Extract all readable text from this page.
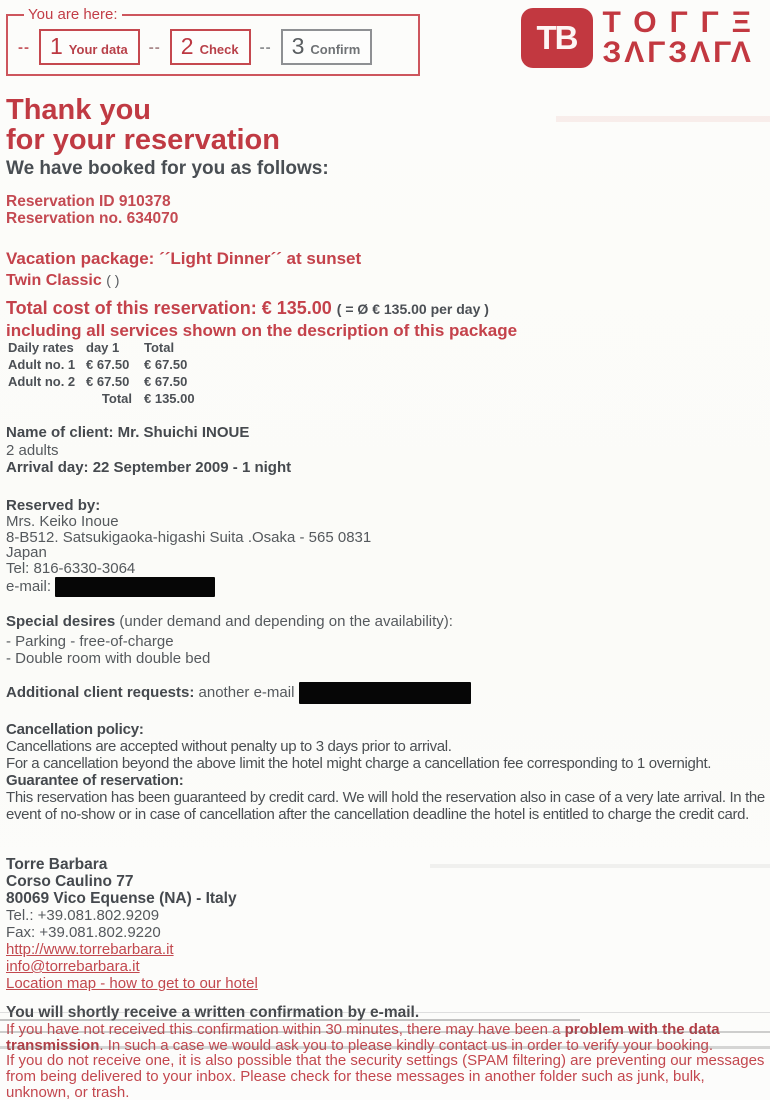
You are here:
-- 1 Your data -- 2 Check -- 3 Confirm	TB TOΓΓΞ
ЗΛΓЗΛΓΛ
Thank you
for your reservation
We have booked for you as follows:
Reservation ID 910378
Reservation no. 634070
Vacation package: ´´Light Dinner´´ at sunset
Twin Classic ( )
Total cost of this reservation: € 135.00 ( = Ø € 135.00 per day )
including all services shown on the description of this package
Daily rates	day 1	Total
Adult no. 1	€ 67.50	€ 67.50
Adult no. 2	€ 67.50	€ 67.50
Total		€ 135.00
Name of client: Mr. Shuichi INOUE
2 adults
Arrival day: 22 September 2009 - 1 night
Reserved by:
Mrs. Keiko Inoue
8-B512. Satsukigaoka-higashi Suita .Osaka - 565 0831
Japan
Tel: 816-6330-3064
e-mail:
Special desires (under demand and depending on the availability):
- Parking - free-of-charge
- Double room with double bed
Additional client requests: another e-mail
Cancellation policy:
Cancellations are accepted without penalty up to 3 days prior to arrival.
For a cancellation beyond the above limit the hotel might charge a cancellation fee corresponding to 1 overnight.
Guarantee of reservation:
This reservation has been guaranteed by credit card. We will hold the reservation also in case of a very late arrival. In the event of no-show or in case of cancellation after the cancellation deadline the hotel is entitled to charge the credit card.
Torre Barbara
Corso Caulino 77
80069 Vico Equense (NA) - Italy
Tel.: +39.081.802.9209
Fax: +39.081.802.9220
http://www.torrebarbara.it
info@torrebarbara.it
Location map - how to get to our hotel
You will shortly receive a written confirmation by e-mail.
If you have not received this confirmation within 30 minutes, there may have been a problem with the data transmission. In such a case we would ask you to please kindly contact us in order to verify your booking.
If you do not receive one, it is also possible that the security settings (SPAM filtering) are preventing our messages from being delivered to your inbox. Please check for these messages in another folder such as junk, bulk, unknown, or trash.
